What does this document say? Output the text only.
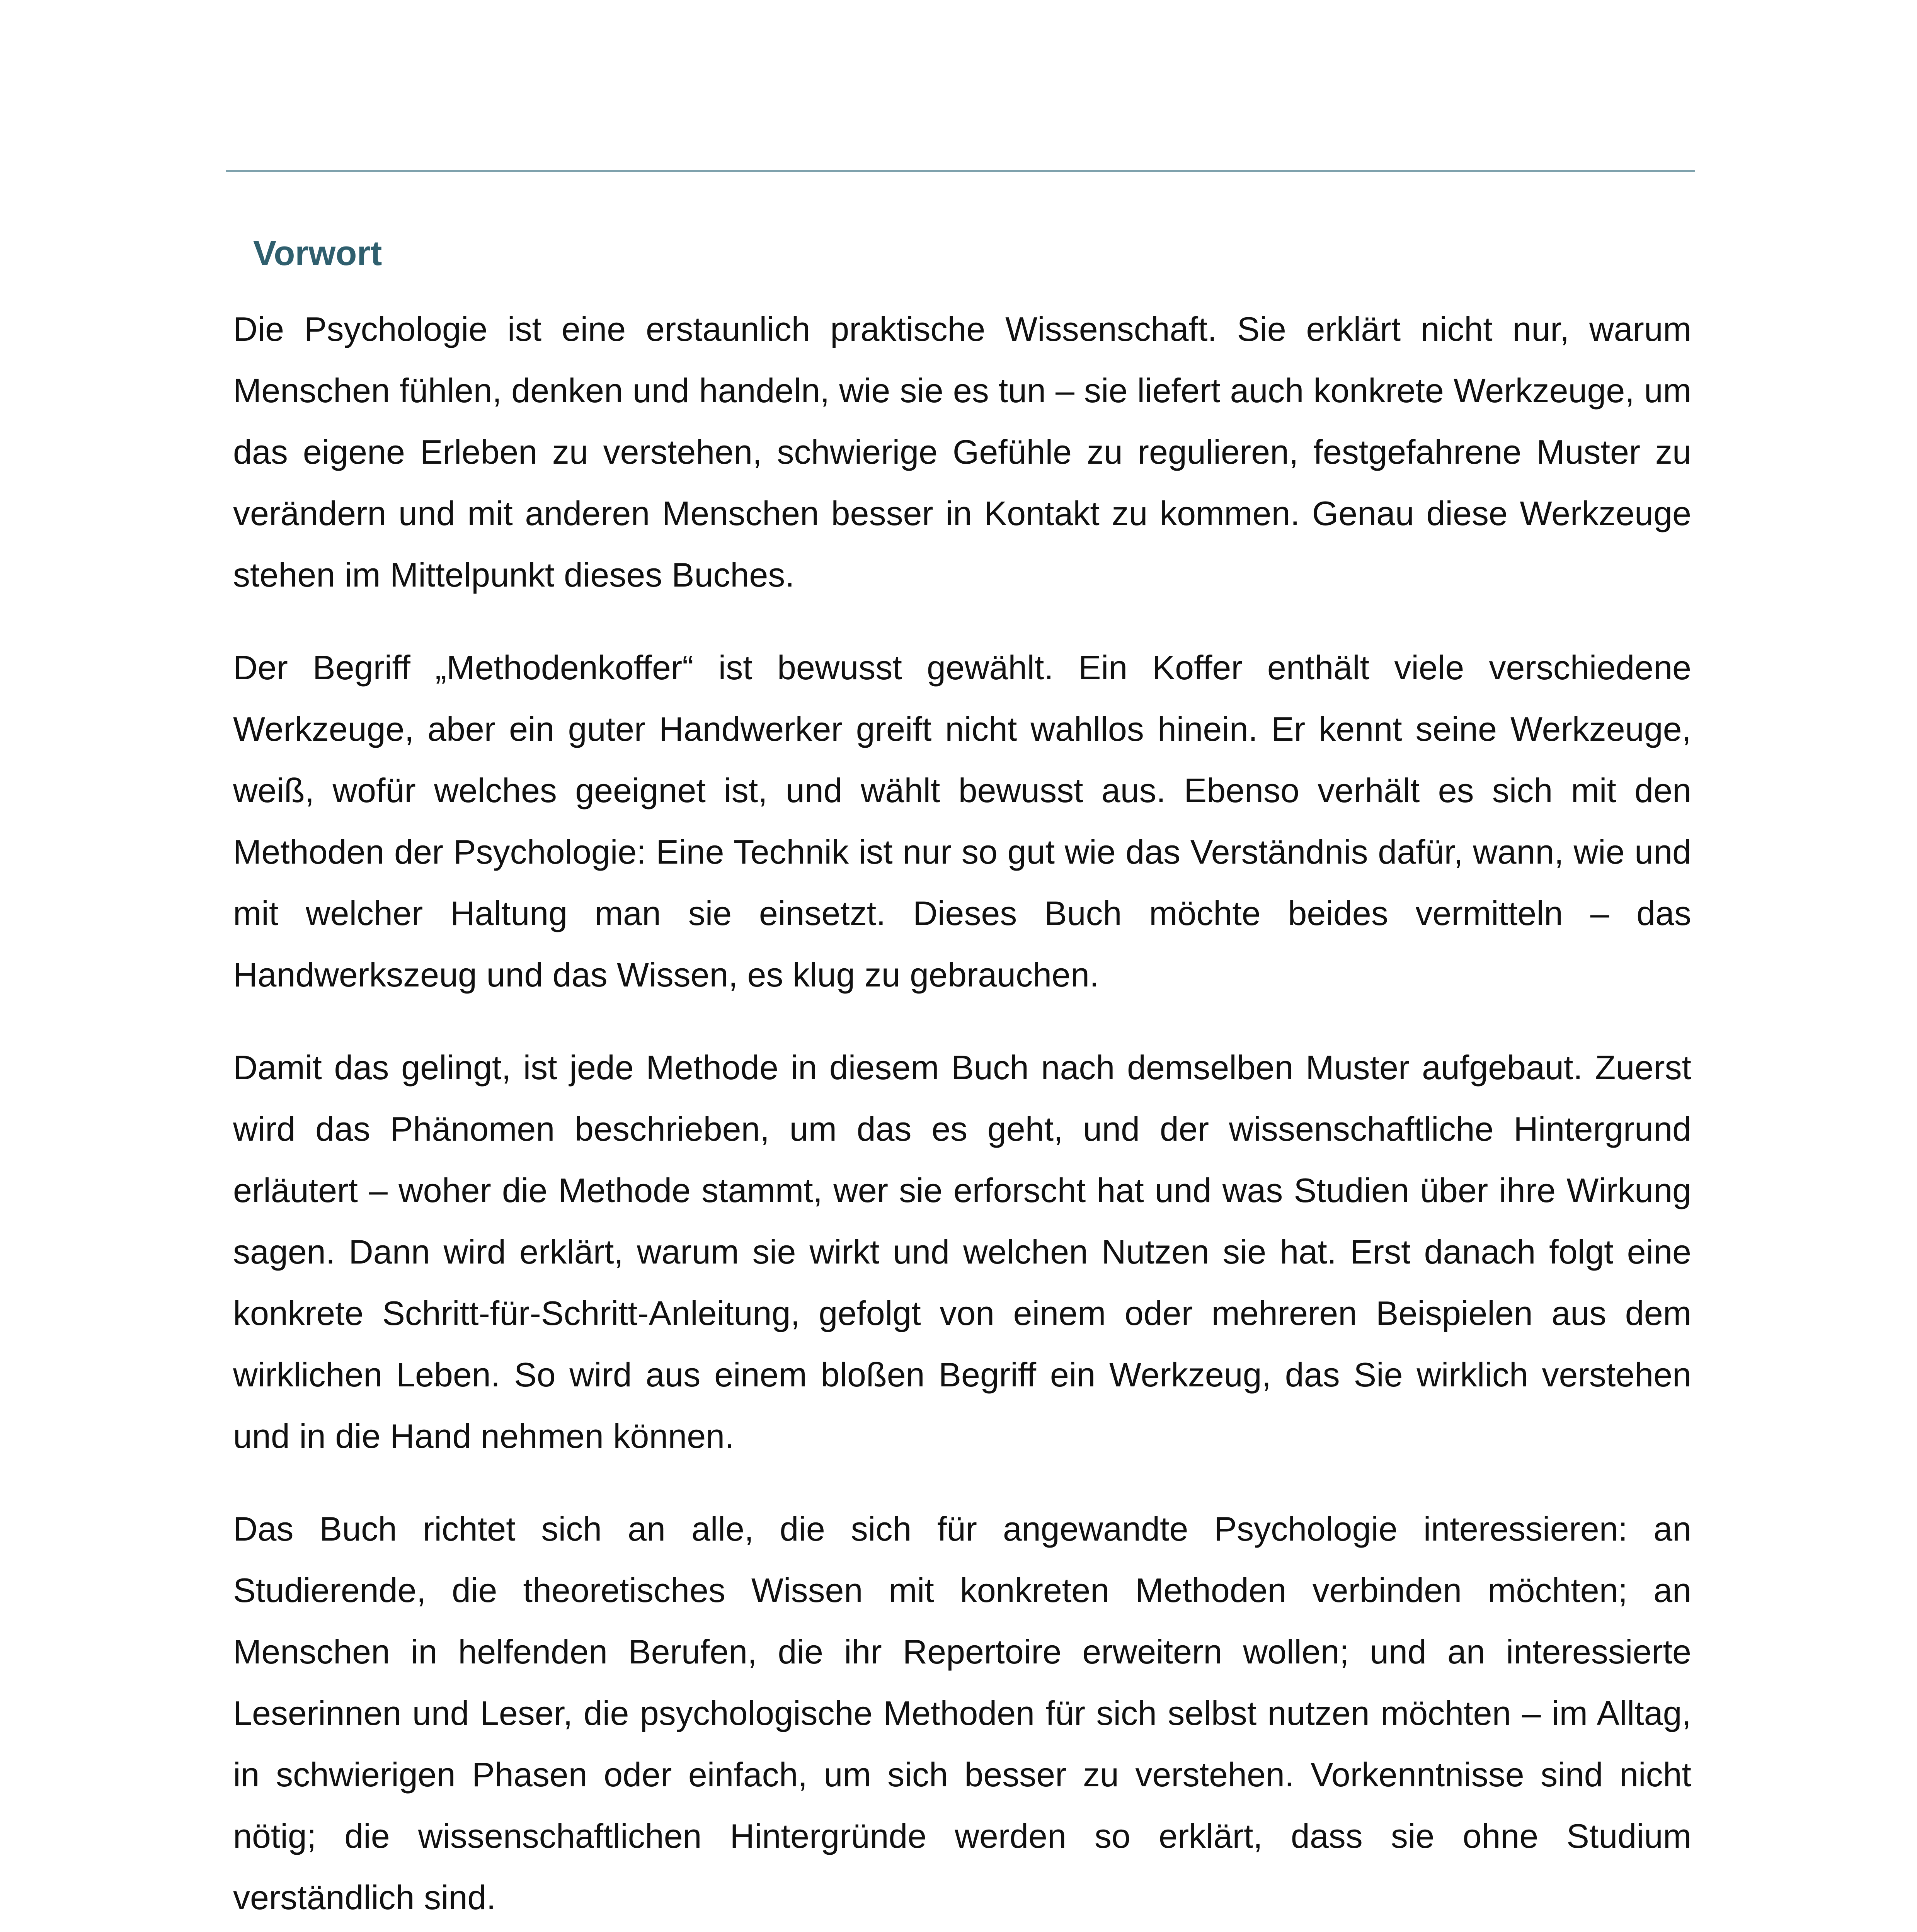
Vorwort

Die Psychologie ist eine erstaunlich praktische Wissenschaft. Sie erklärt nicht nur, warum Menschen fühlen, denken und handeln, wie sie es tun – sie liefert auch konkrete Werkzeuge, um das eigene Erleben zu verstehen, schwierige Gefühle zu regulieren, festgefahrene Muster zu verändern und mit anderen Menschen besser in Kontakt zu kommen. Genau diese Werkzeuge stehen im Mittelpunkt dieses Buches.

Der Begriff „Methodenkoffer“ ist bewusst gewählt. Ein Koffer enthält viele verschiedene Werkzeuge, aber ein guter Handwerker greift nicht wahllos hinein. Er kennt seine Werkzeuge, weiß, wofür welches geeignet ist, und wählt bewusst aus. Ebenso verhält es sich mit den Methoden der Psychologie: Eine Technik ist nur so gut wie das Verständnis dafür, wann, wie und mit welcher Haltung man sie einsetzt. Dieses Buch möchte beides vermitteln – das Handwerkszeug und das Wissen, es klug zu gebrauchen.

Damit das gelingt, ist jede Methode in diesem Buch nach demselben Muster aufgebaut. Zuerst wird das Phänomen beschrieben, um das es geht, und der wissenschaftliche Hintergrund erläutert – woher die Methode stammt, wer sie erforscht hat und was Studien über ihre Wirkung sagen. Dann wird erklärt, warum sie wirkt und welchen Nutzen sie hat. Erst danach folgt eine konkrete Schritt-für-Schritt-Anleitung, gefolgt von einem oder mehreren Beispielen aus dem wirklichen Leben. So wird aus einem bloßen Begriff ein Werkzeug, das Sie wirklich verstehen und in die Hand nehmen können.

Das Buch richtet sich an alle, die sich für angewandte Psychologie interessieren: an Studierende, die theoretisches Wissen mit konkreten Methoden verbinden möchten; an Menschen in helfenden Berufen, die ihr Repertoire erweitern wollen; und an interessierte Leserinnen und Leser, die psychologische Methoden für sich selbst nutzen möchten – im Alltag, in schwierigen Phasen oder einfach, um sich besser zu verstehen. Vorkenntnisse sind nicht nötig; die wissenschaftlichen Hintergründe werden so erklärt, dass sie ohne Studium verständlich sind.
